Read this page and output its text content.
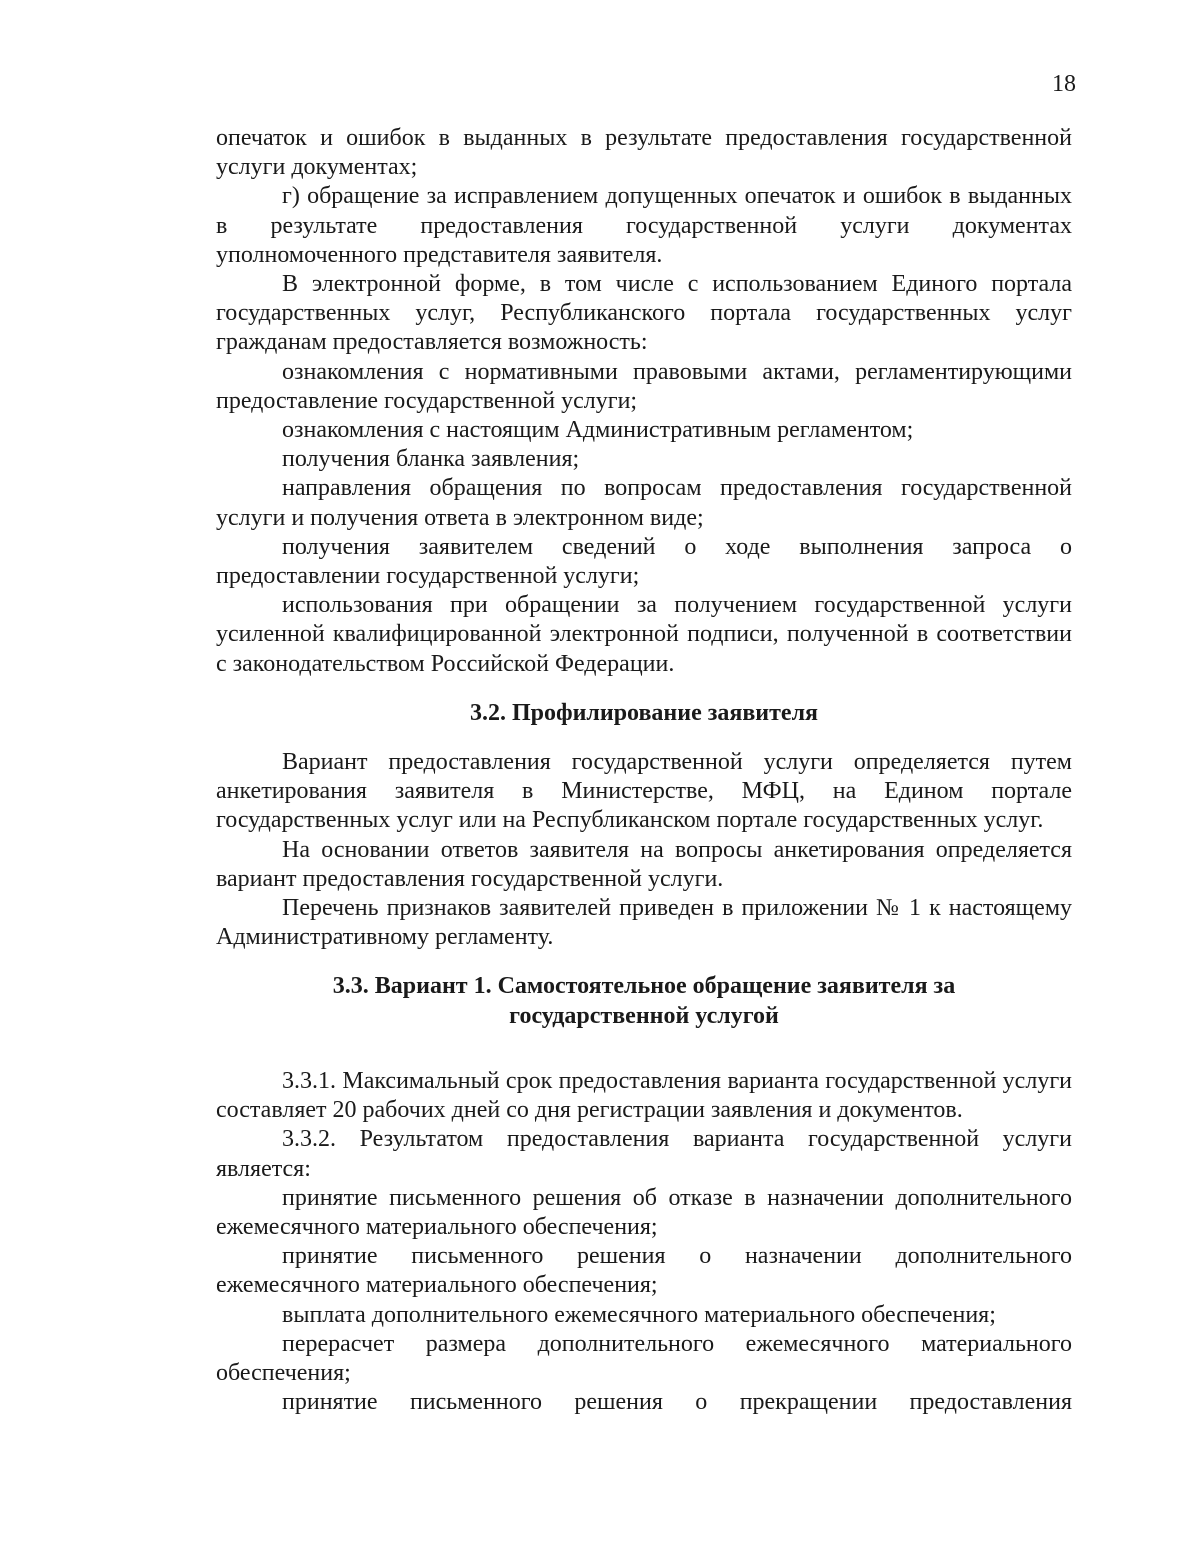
18

опечаток и ошибок в выданных в результате предоставления государственной услуги документах;

г) обращение за исправлением допущенных опечаток и ошибок в выданных в результате предоставления государственной услуги документах уполномоченного представителя заявителя.

В электронной форме, в том числе с использованием Единого портала государственных услуг, Республиканского портала государственных услуг гражданам предоставляется возможность:

ознакомления с нормативными правовыми актами, регламентирующими предоставление государственной услуги;

ознакомления с настоящим Административным регламентом;

получения бланка заявления;

направления обращения по вопросам предоставления государственной услуги и получения ответа в электронном виде;

получения заявителем сведений о ходе выполнения запроса о предоставлении государственной услуги;

использования при обращении за получением государственной услуги усиленной квалифицированной электронной подписи, полученной в соответствии с законодательством Российской Федерации.

3.2. Профилирование заявителя

Вариант предоставления государственной услуги определяется путем анкетирования заявителя в Министерстве, МФЦ, на Едином портале государственных услуг или на Республиканском портале государственных услуг.

На основании ответов заявителя на вопросы анкетирования определяется вариант предоставления государственной услуги.

Перечень признаков заявителей приведен в приложении № 1 к настоящему Административному регламенту.

3.3. Вариант 1. Самостоятельное обращение заявителя за
государственной услугой

3.3.1. Максимальный срок предоставления варианта государственной услуги составляет 20 рабочих дней со дня регистрации заявления и документов.

3.3.2. Результатом предоставления варианта государственной услуги является:

принятие письменного решения об отказе в назначении дополнительного ежемесячного материального обеспечения;

принятие письменного решения о назначении дополнительного ежемесячного материального обеспечения;

выплата дополнительного ежемесячного материального обеспечения;

перерасчет размера дополнительного ежемесячного материального обеспечения;

принятие письменного решения о прекращении предоставления
